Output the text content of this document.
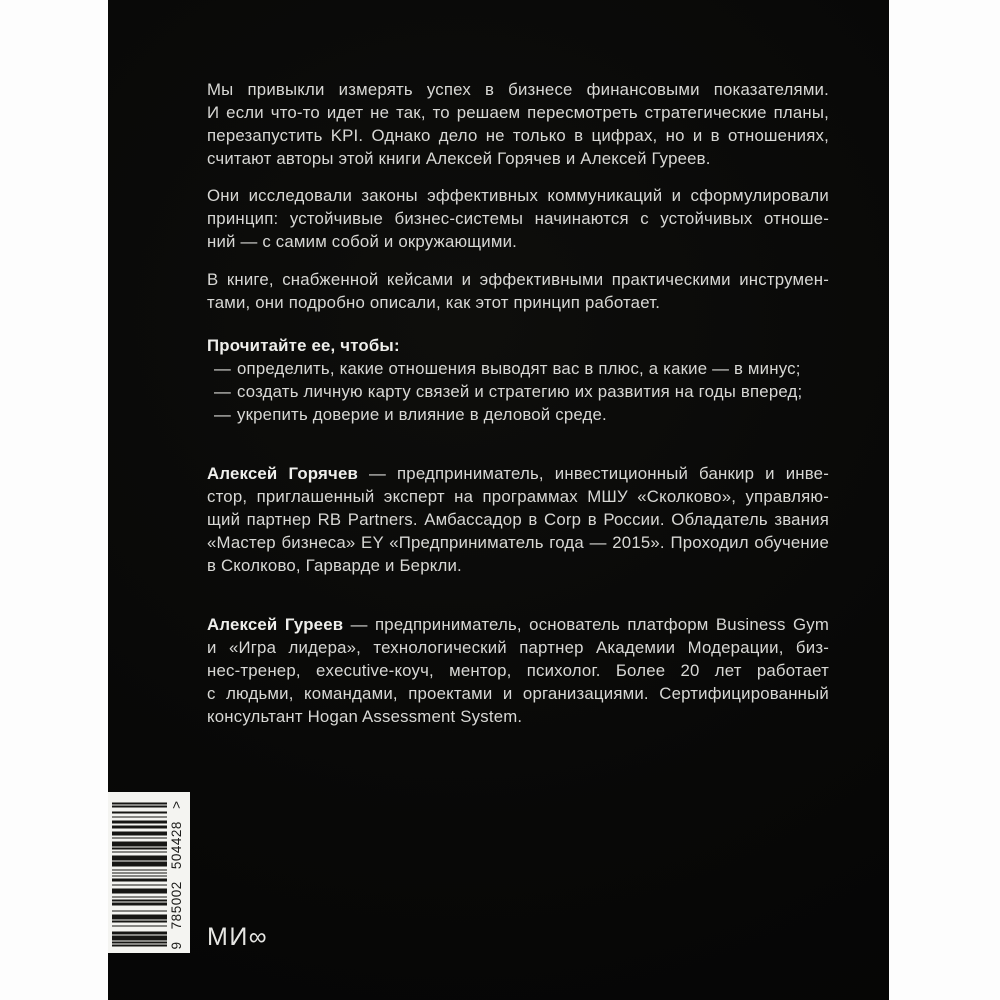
Мы привыкли измерять успех в бизнесе финансовыми показателями.
И если что-то идет не так, то решаем пересмотреть стратегические планы,
перезапустить KPI. Однако дело не только в цифрах, но и в отношениях,
считают авторы этой книги Алексей Горячев и Алексей Гуреев.
Они исследовали законы эффективных коммуникаций и сформулировали
принцип: устойчивые бизнес-системы начинаются с устойчивых отноше-
ний — с самим собой и окружающими.
В книге, снабженной кейсами и эффективными практическими инструмен-
тами, они подробно описали, как этот принцип работает.
Прочитайте ее, чтобы:
— определить, какие отношения выводят вас в плюс, а какие — в минус;
— создать личную карту связей и стратегию их развития на годы вперед;
— укрепить доверие и влияние в деловой среде.
Алексей Горячев — предприниматель, инвестиционный банкир и инве-
стор, приглашенный эксперт на программах МШУ «Сколково», управляю-
щий партнер RB Partners. Амбассадор в Corp в России. Обладатель звания
«Мастер бизнеса» EY «Предприниматель года — 2015». Проходил обучение
в Сколково, Гарварде и Беркли.
Алексей Гуреев — предприниматель, основатель платформ Business Gym
и «Игра лидера», технологический партнер Академии Модерации, биз-
нес-тренер, executive-коуч, ментор, психолог. Более 20 лет работает
с людьми, командами, проектами и организациями. Сертифицированный
консультант Hogan Assessment System.
9
785002
504428
>
МИ∞
